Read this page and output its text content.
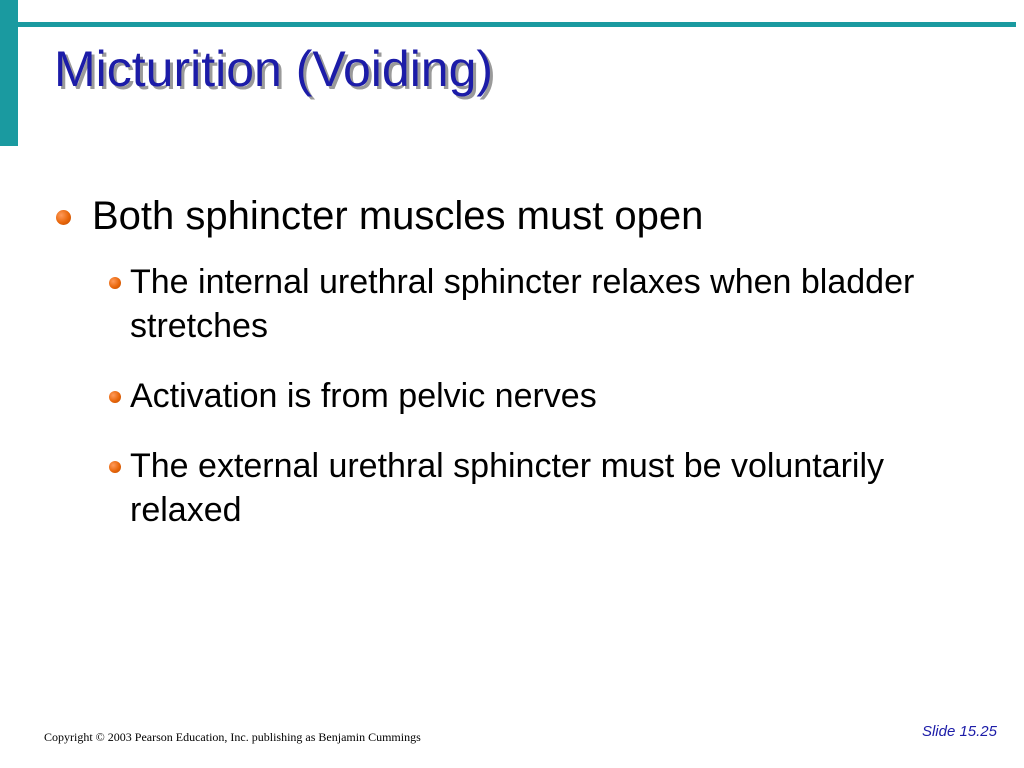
Micturition (Voiding)
Both sphincter muscles must open
The internal urethral sphincter relaxes when bladder stretches
Activation is from pelvic nerves
The external urethral sphincter must be voluntarily relaxed
Copyright © 2003 Pearson Education, Inc. publishing as Benjamin Cummings	Slide 15.25
